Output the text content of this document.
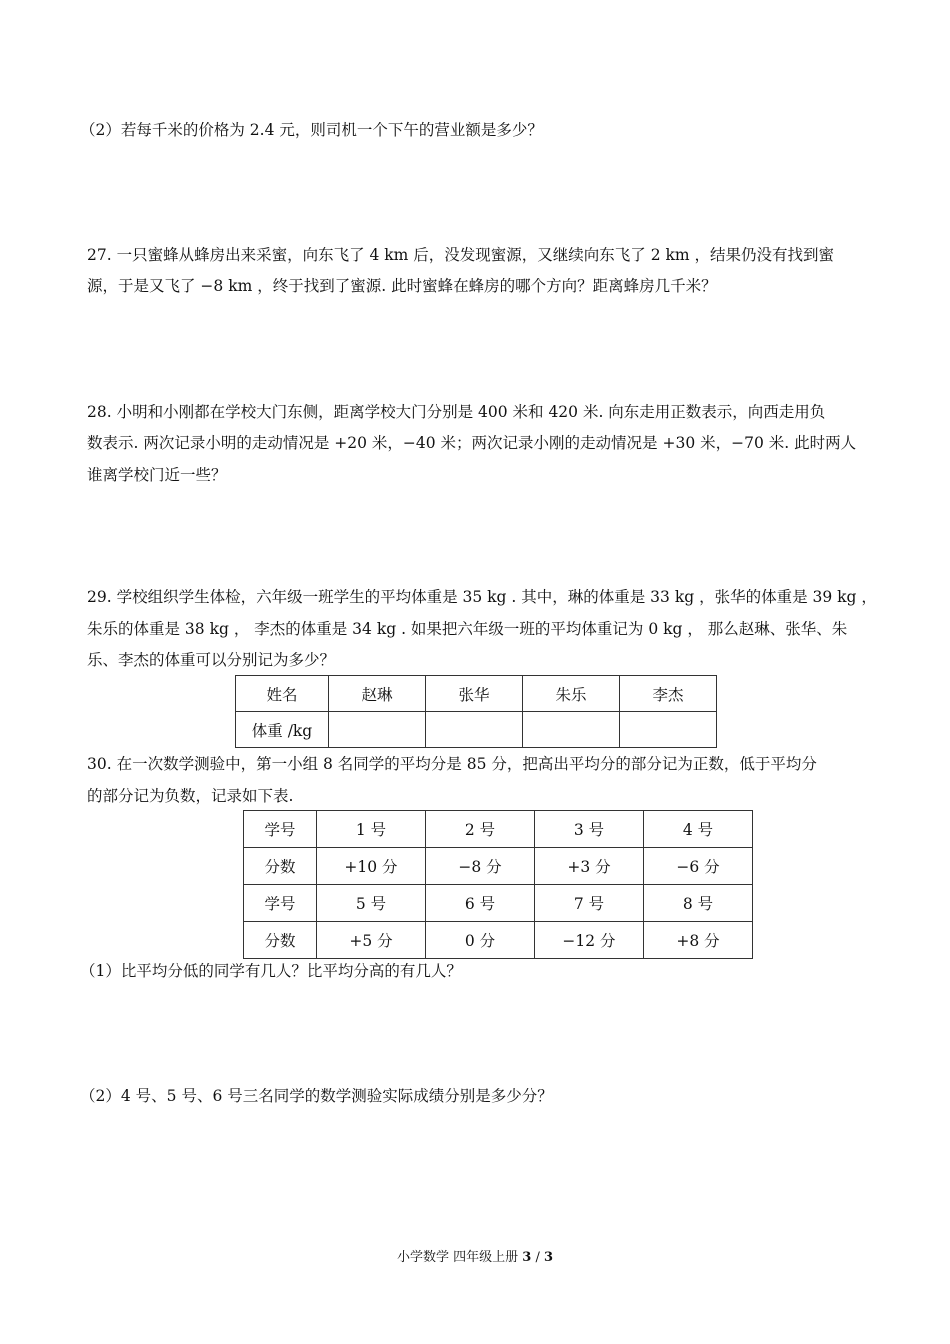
（2）若每千米的价格为 2.4 元，则司机一个下午的营业额是多少？
27. 一只蜜蜂从蜂房出来采蜜，向东飞了 4 km 后，没发现蜜源，又继续向东飞了 2 km ，结果仍没有找到蜜
源，于是又飞了 −8 km ，终于找到了蜜源. 此时蜜蜂在蜂房的哪个方向？距离蜂房几千米？
28. 小明和小刚都在学校大门东侧，距离学校大门分别是 400 米和 420 米. 向东走用正数表示，向西走用负
数表示. 两次记录小明的走动情况是 +20 米，−40 米；两次记录小刚的走动情况是 +30 米，−70 米. 此时两人
谁离学校门近一些？
29. 学校组织学生体检，六年级一班学生的平均体重是 35 kg . 其中，琳的体重是 33 kg ，张华的体重是 39 kg ，
朱乐的体重是 38 kg ， 李杰的体重是 34 kg . 如果把六年级一班的平均体重记为 0 kg ， 那么赵琳、张华、朱
乐、李杰的体重可以分别记为多少？
姓名	赵琳	张华	朱乐	李杰
体重 /kg				
30. 在一次数学测验中，第一小组 8 名同学的平均分是 85 分，把高出平均分的部分记为正数，低于平均分
的部分记为负数，记录如下表.
学号	1 号	2 号	3 号	4 号
分数	+10 分	−8 分	+3 分	−6 分
学号	5 号	6 号	7 号	8 号
分数	+5 分	0 分	−12 分	+8 分
（1）比平均分低的同学有几人？比平均分高的有几人？
（2）4 号、5 号、6 号三名同学的数学测验实际成绩分别是多少分？
小学数学 四年级上册 3 / 3
